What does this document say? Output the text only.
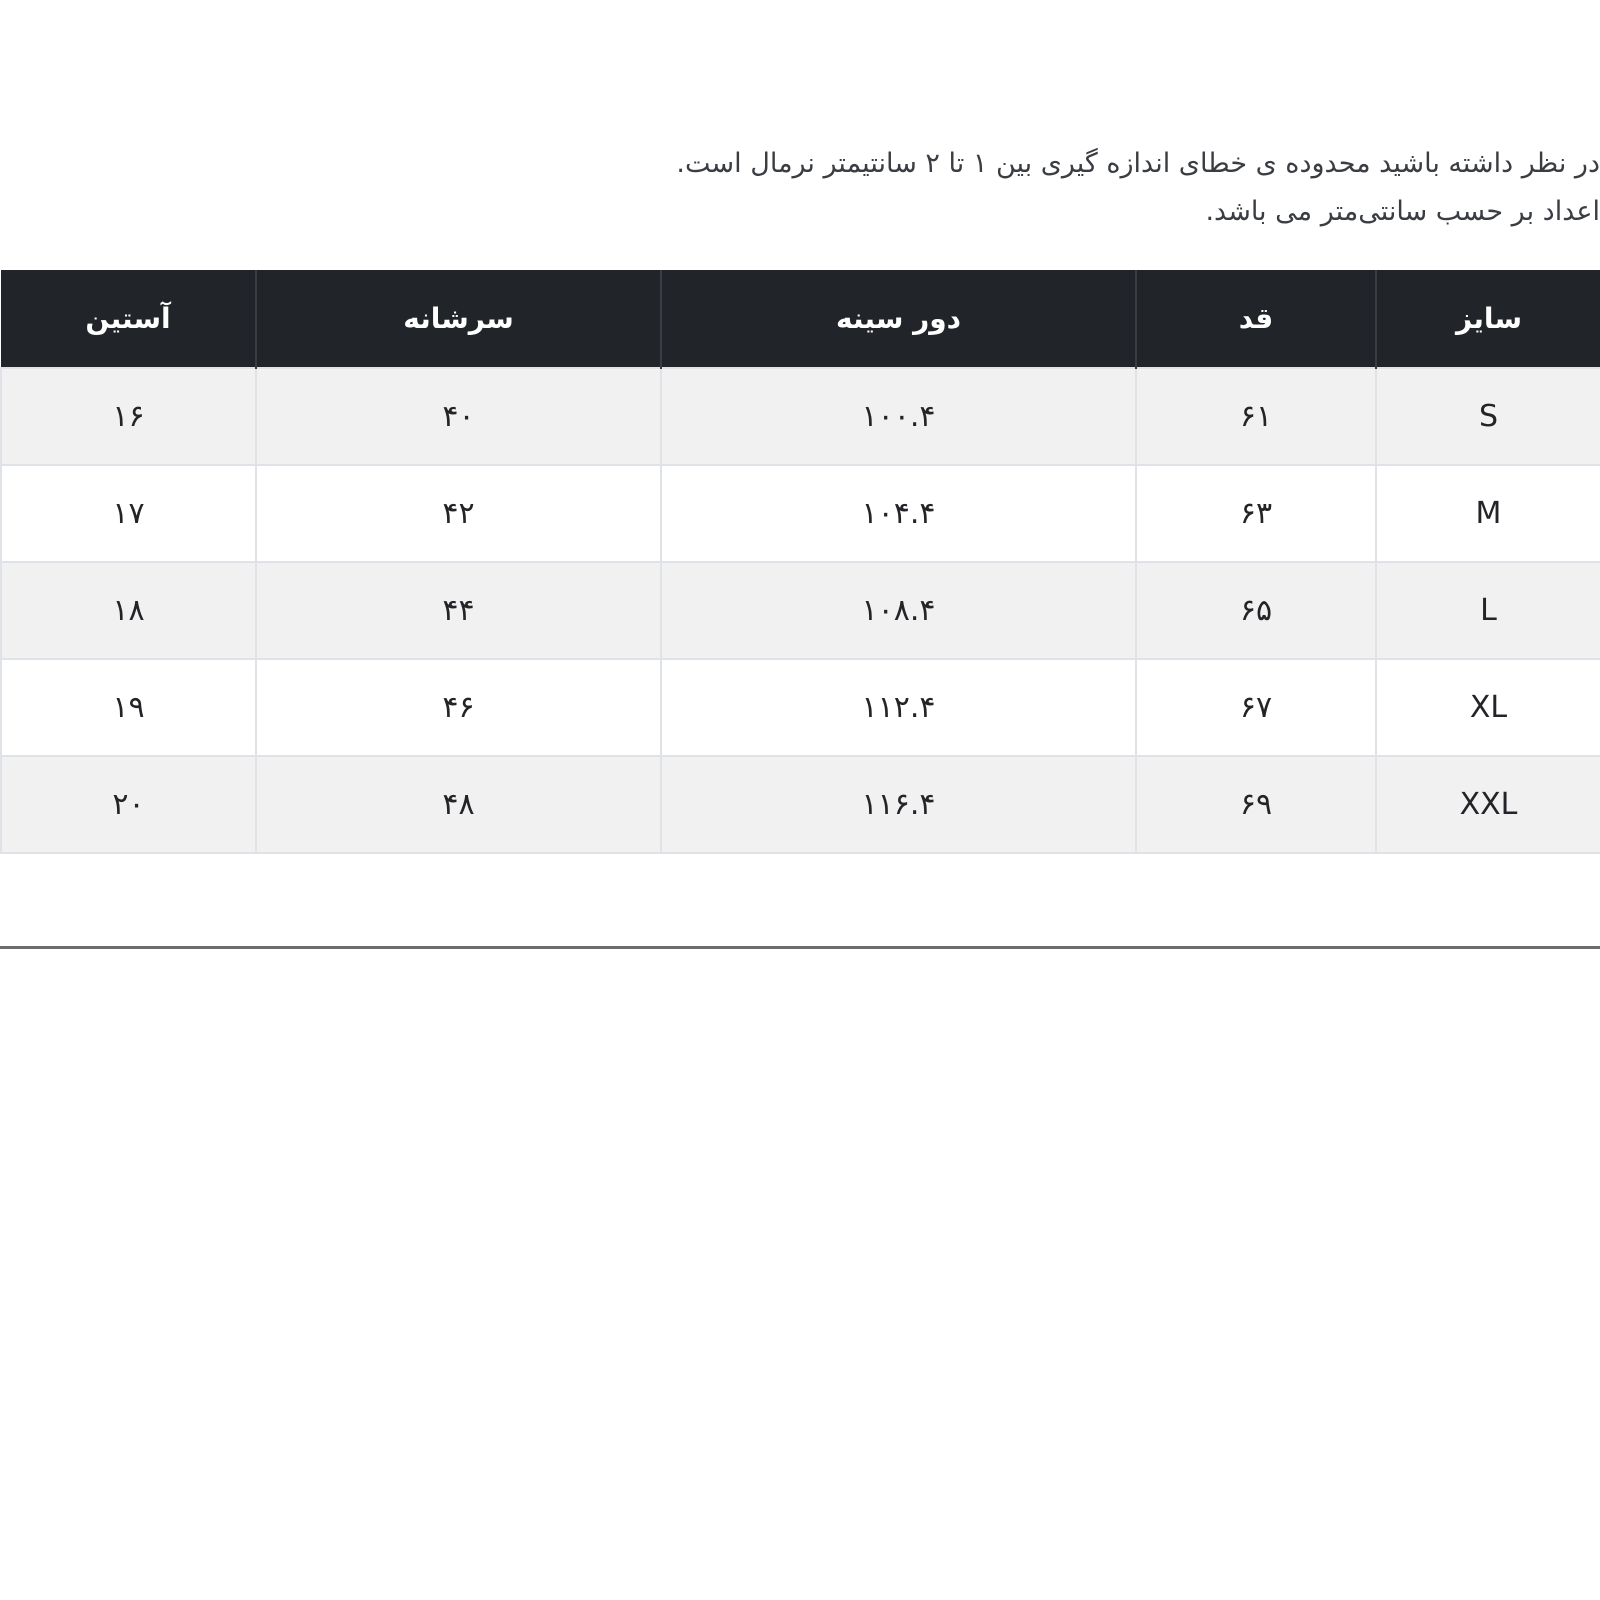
در نظر داشته باشید محدوده ی خطای اندازه گیری بین ۱ تا ۲ سانتیمتر نرمال است.

اعداد بر حسب سانتی‌متر می باشد.

سایز	قد	دور سینه	سرشانه	آستین
S	۶۱	۱۰۰.۴	۴۰	۱۶
M	۶۳	۱۰۴.۴	۴۲	۱۷
L	۶۵	۱۰۸.۴	۴۴	۱۸
XL	۶۷	۱۱۲.۴	۴۶	۱۹
XXL	۶۹	۱۱۶.۴	۴۸	۲۰
